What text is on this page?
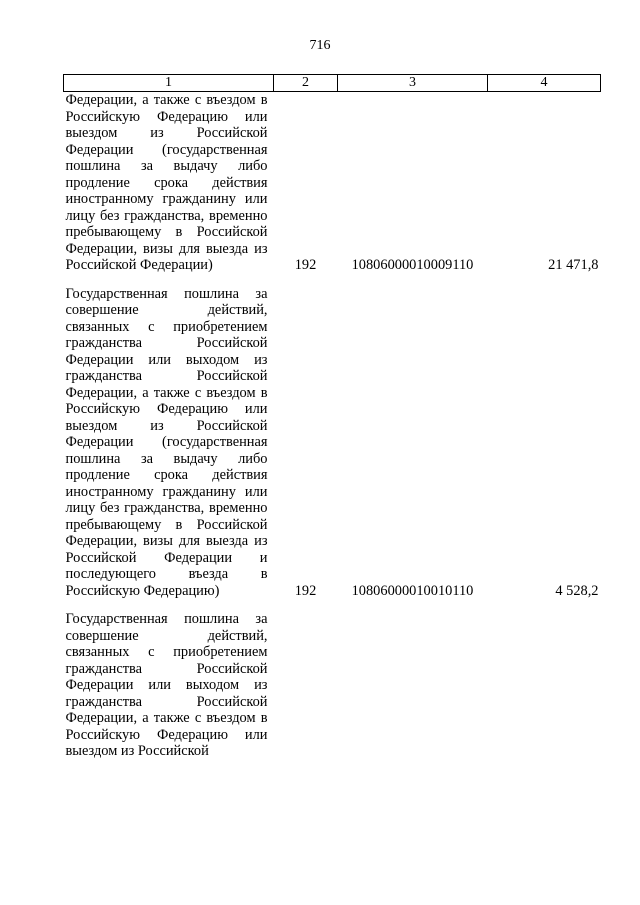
716
1	2	3	4
Федерации, а также с въездом в Российскую Федерацию или выездом из Российской Федерации (государственная пошлина за выдачу либо продление срока действия иностранному гражданину или лицу без гражданства, временно пребывающему в Российской Федерации, визы для выезда из Российской Федерации)	192	10806000010009110	21 471,8
Государственная пошлина за совершение действий, связанных с приобретением гражданства Российской Федерации или выходом из гражданства Российской Федерации, а также с въездом в Российскую Федерацию или выездом из Российской Федерации (государственная пошлина за выдачу либо продление срока действия иностранному гражданину или лицу без гражданства, временно пребывающему в Российской Федерации, визы для выезда из Российской Федерации и последующего въезда в Российскую Федерацию)	192	10806000010010110	4 528,2
Государственная пошлина за совершение действий, связанных с приобретением гражданства Российской Федерации или выходом из гражданства Российской Федерации, а также с въездом в Российскую Федерацию или выездом из Российской			
